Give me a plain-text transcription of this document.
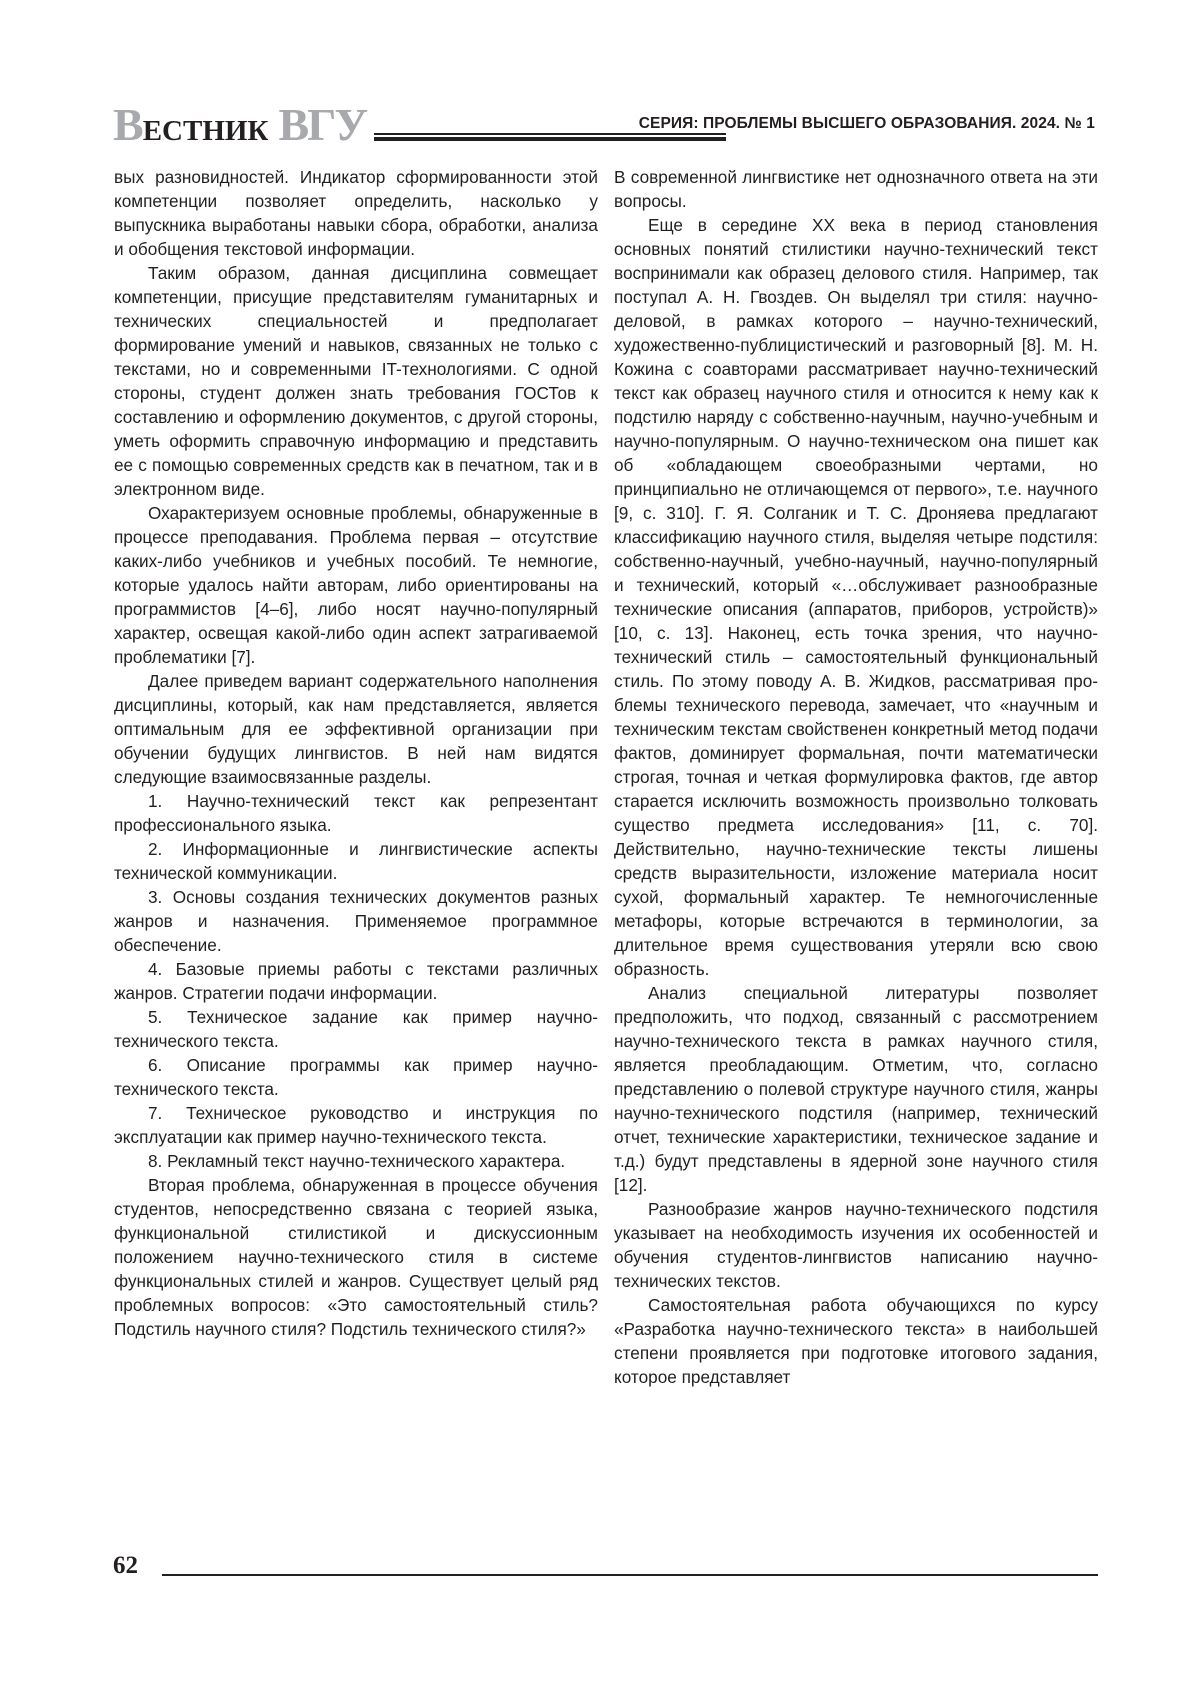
ВЕСТНИК ВГУ	СЕРИЯ: ПРОБЛЕМЫ ВЫСШЕГО ОБРАЗОВАНИЯ. 2024. № 1

вых разновидностей. Индикатор сформированности этой компетенции позволяет определить, насколько у выпускника выработаны навыки сбора, обработки, анализа и обобщения текстовой информации.

Таким образом, данная дисциплина совмещает компетенции, присущие представителям гуманитарных и технических специальностей и предполагает формирование умений и навыков, связанных не только с текстами, но и современными IT-технологиями. С одной стороны, студент должен знать требования ГОСТов к составлению и оформлению документов, с другой стороны, уметь оформить справочную информацию и представить ее с помощью современных средств как в печатном, так и в электронном виде.

Охарактеризуем основные проблемы, обнаруженные в процессе преподавания. Проблема первая – отсутствие каких-либо учебников и учебных пособий. Те немногие, которые удалось найти авторам, либо ориентированы на программистов [4–6], либо носят научно-популярный характер, освещая какой-либо один аспект затрагиваемой проблематики [7].

Далее приведем вариант содержательного наполнения дисциплины, который, как нам представляется, является оптимальным для ее эффективной организации при обучении будущих лингвистов. В ней нам видятся следующие взаимосвязанные разделы.

1. Научно-технический текст как репрезентант профессионального языка.

2. Информационные и лингвистические аспекты технической коммуникации.

3. Основы создания технических документов разных жанров и назначения. Применяемое программное обеспечение.

4. Базовые приемы работы с текстами различных жанров. Стратегии подачи информации.

5. Техническое задание как пример научно-технического текста.

6. Описание программы как пример научно-технического текста.

7. Техническое руководство и инструкция по эксплуатации как пример научно-технического текста.

8. Рекламный текст научно-технического характера.

Вторая проблема, обнаруженная в процессе обучения студентов, непосредственно связана с теорией языка, функциональной стилистикой и дискуссионным положением научно-технического стиля в системе функциональных стилей и жанров. Существует целый ряд проблемных вопросов: «Это самостоятельный стиль? Подстиль научного стиля? Подстиль технического стиля?»

В современной лингвистике нет однозначного ответа на эти вопросы.

Еще в середине XX века в период становления основных понятий стилистики научно-технический текст воспринимали как образец делового стиля. Например, так поступал А. Н. Гвоздев. Он выделял три стиля: научно-деловой, в рамках которого – научно-технический, художественно-публицистический и разговорный [8]. М. Н. Кожина с соавторами рассматривает научно-технический текст как образец научного стиля и относится к нему как к подстилю наряду с собственно-научным, научно-учебным и научно-популярным. О научно-техническом она пишет как об «обладающем своеобразными чертами, но принципиально не отличающемся от первого», т.е. научного [9, с. 310]. Г. Я. Солганик и Т. С. Дроняева предлагают классификацию научного стиля, выделяя четыре подстиля: собственно-научный, учебно-научный, научно-популярный и технический, который «…обслуживает разнообразные технические описания (аппаратов, приборов, устройств)» [10, с. 13]. Наконец, есть точка зрения, что научно-технический стиль – самостоятельный функциональный стиль. По этому поводу А. В. Жидков, рассматривая проблемы технического перевода, замечает, что «научным и техническим текстам свойственен конкретный метод подачи фактов, доминирует формальная, почти математически строгая, точная и четкая формулировка фактов, где автор старается исключить возможность произвольно толковать существо предмета исследования» [11, с. 70]. Действительно, научно-технические тексты лишены средств выразительности, изложение материала носит сухой, формальный характер. Те немногочисленные метафоры, которые встречаются в терминологии, за длительное время существования утеряли всю свою образность.

Анализ специальной литературы позволяет предположить, что подход, связанный с рассмотрением научно-технического текста в рамках научного стиля, является преобладающим. Отметим, что, согласно представлению о полевой структуре научного стиля, жанры научно-технического подстиля (например, технический отчет, технические характеристики, техническое задание и т.д.) будут представлены в ядерной зоне научного стиля [12].

Разнообразие жанров научно-технического подстиля указывает на необходимость изучения их особенностей и обучения студентов-лингвистов написанию научно-технических текстов.

Самостоятельная работа обучающихся по курсу «Разработка научно-технического текста» в наибольшей степени проявляется при подготовке итогового задания, которое представляет

62
